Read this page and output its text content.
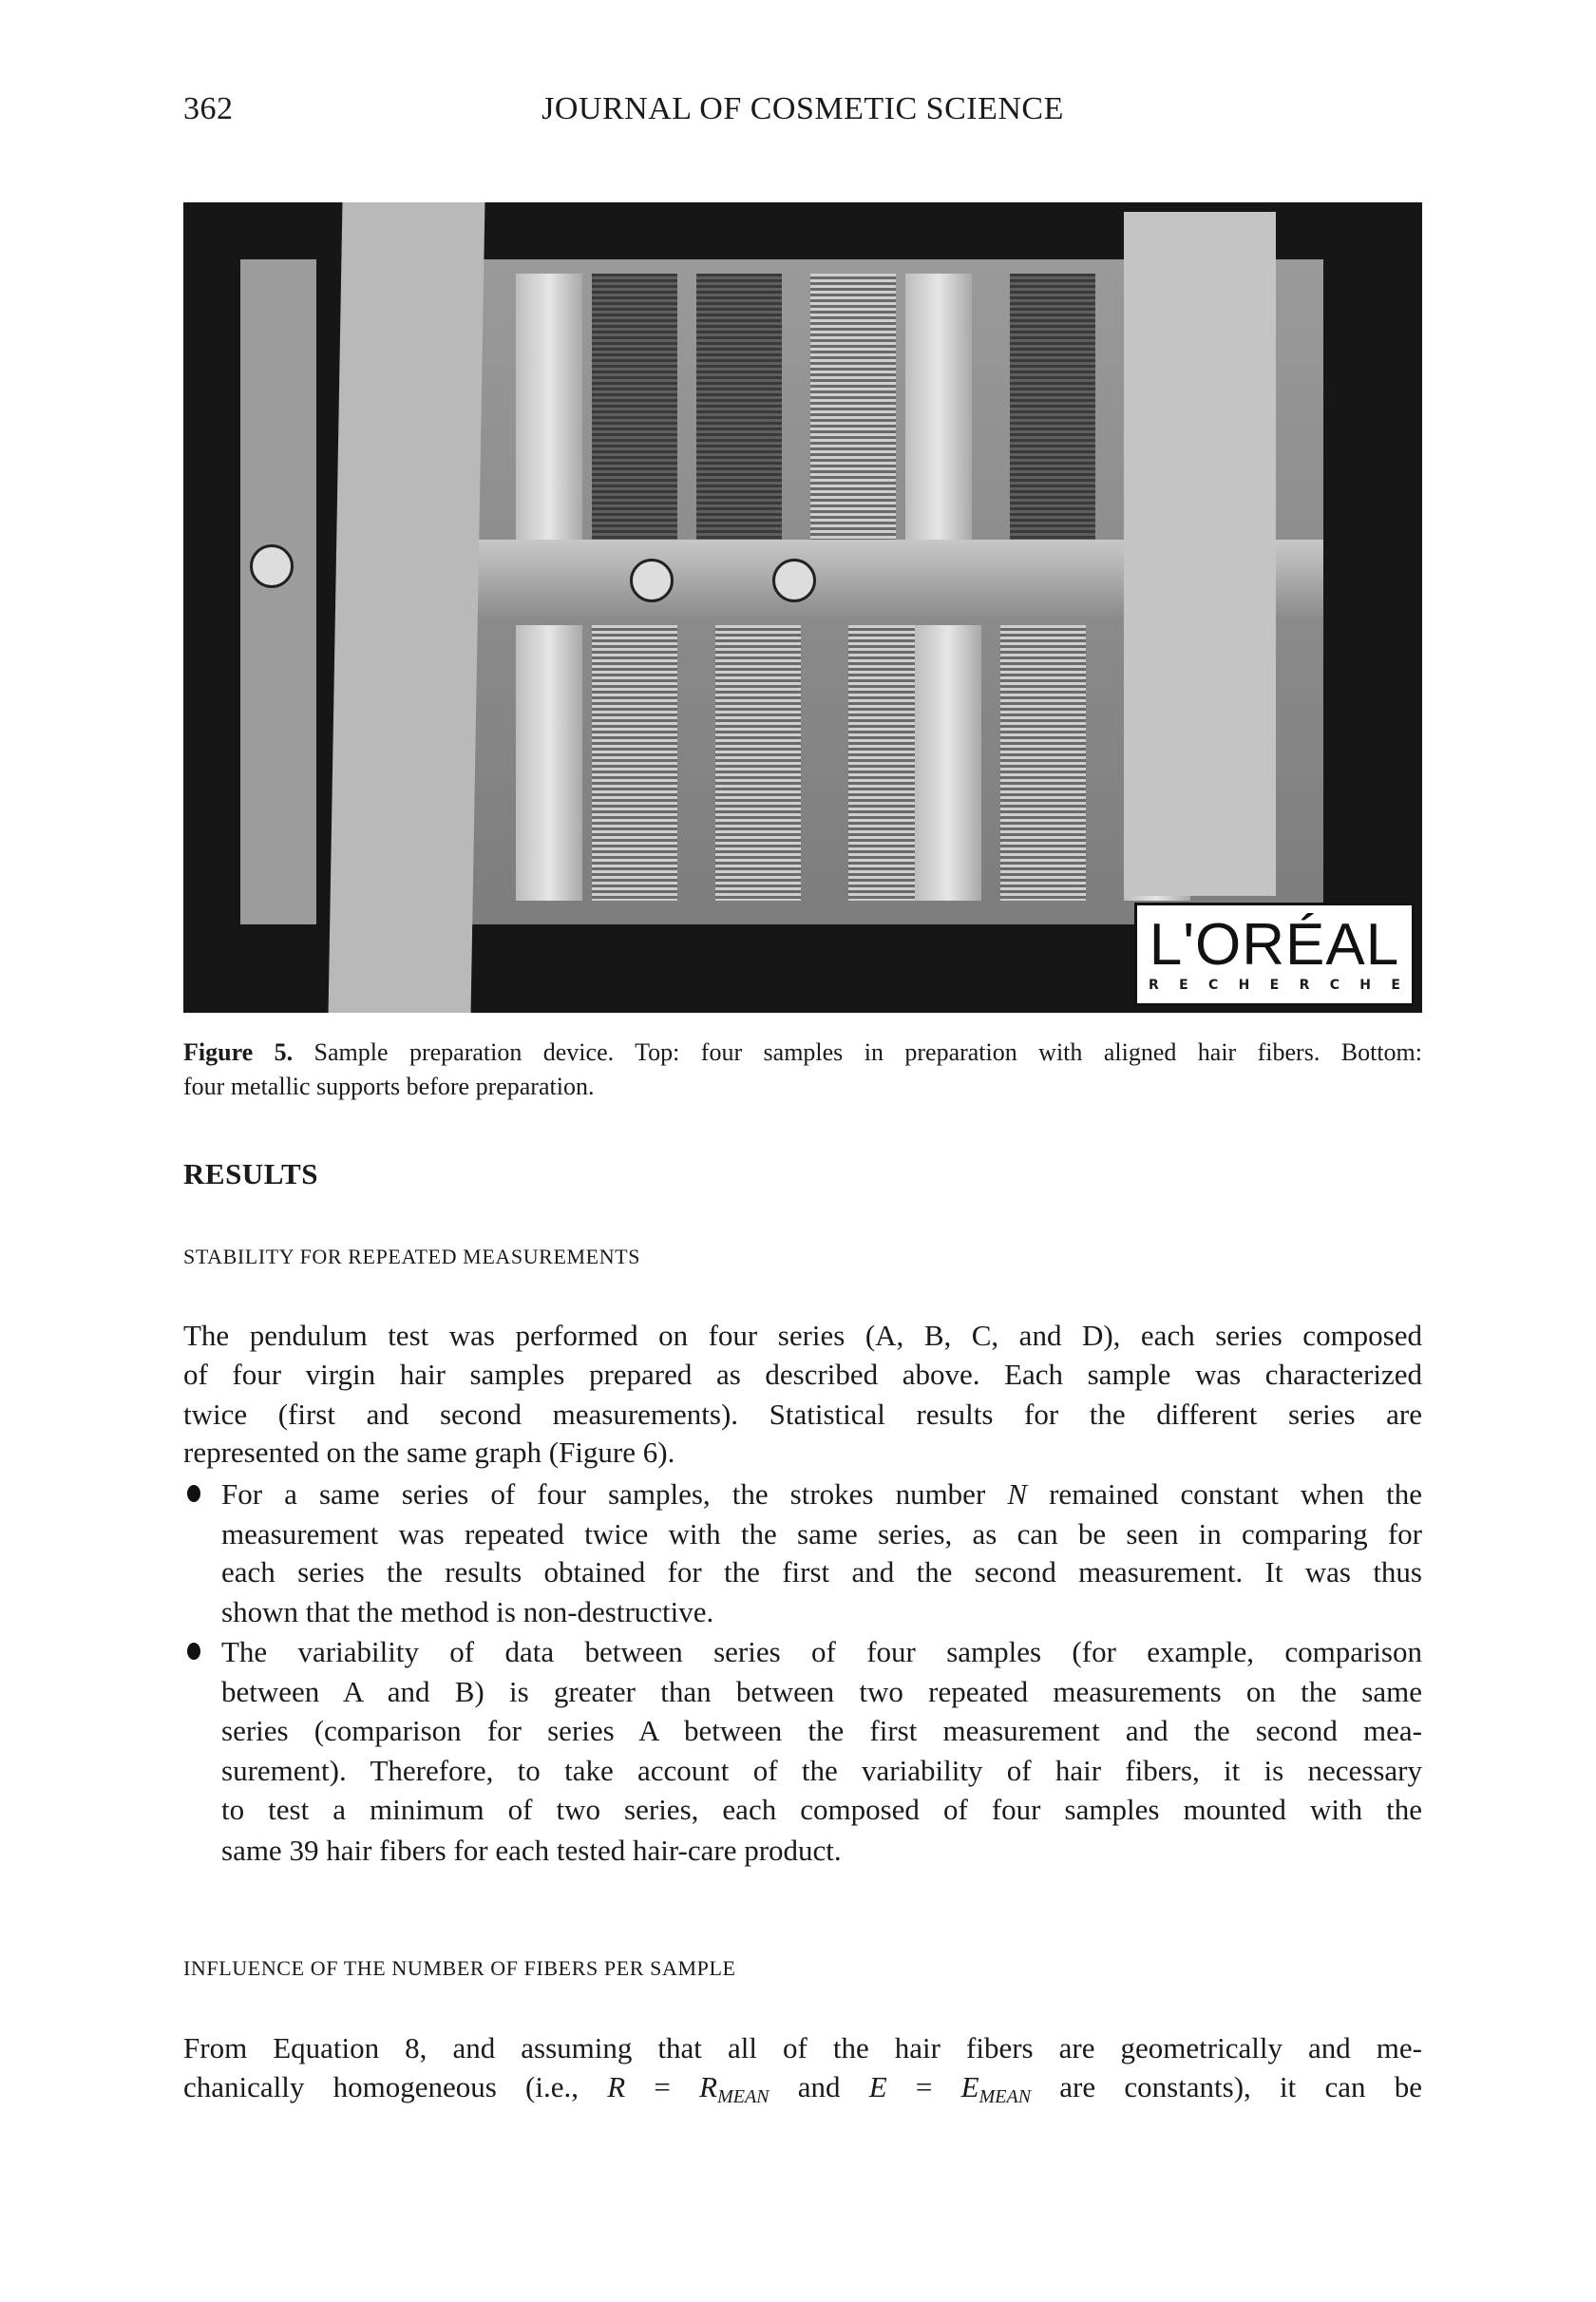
362	JOURNAL OF COSMETIC SCIENCE
L'ORÉAL
R E C H E R C H E
Figure 5. Sample preparation device. Top: four samples in preparation with aligned hair fibers. Bottom:
four metallic supports before preparation.
RESULTS
STABILITY FOR REPEATED MEASUREMENTS
The pendulum test was performed on four series (A, B, C, and D), each series composed
of four virgin hair samples prepared as described above. Each sample was characterized
twice (first and second measurements). Statistical results for the different series are
represented on the same graph (Figure 6).
measurement was repeated twice with the same series, as can be seen in comparing for
each series the results obtained for the first and the second measurement. It was thus
shown that the method is non-destructive.
The variability of data between series of four samples (for example, comparison
between A and B) is greater than between two repeated measurements on the same
series (comparison for series A between the first measurement and the second mea-
surement). Therefore, to take account of the variability of hair fibers, it is necessary
to test a minimum of two series, each composed of four samples mounted with the
same 39 hair fibers for each tested hair-care product.
For a same series of four samples, the strokes number N remained constant when the
INFLUENCE OF THE NUMBER OF FIBERS PER SAMPLE
From Equation 8, and assuming that all of the hair fibers are geometrically and me-
chanically homogeneous (i.e., $R = R_{MEAN}$ and $E = E_{MEAN}$ are constants), it can be
